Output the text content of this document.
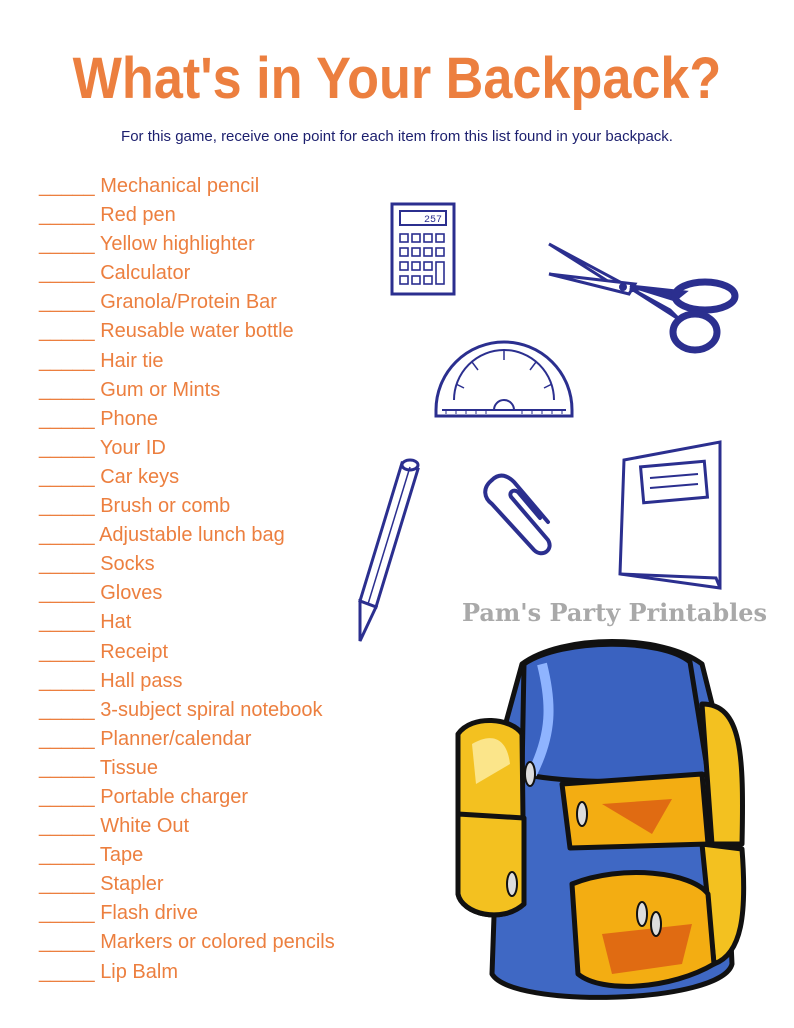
What's in Your Backpack?
For this game, receive one point for each item from this list found in your backpack.
_____ Mechanical pencil
_____ Red pen
_____ Yellow highlighter
_____ Calculator
_____ Granola/Protein Bar
_____ Reusable water bottle
_____ Hair tie
_____ Gum or Mints
_____ Phone
_____ Your ID
_____ Car keys
_____ Brush or comb
_____ Adjustable lunch bag
_____ Socks
_____ Gloves
_____ Hat
_____ Receipt
_____ Hall pass
_____ 3-subject spiral notebook
_____ Planner/calendar
_____ Tissue
_____ Portable charger
_____ White Out
_____ Tape
_____ Stapler
_____ Flash drive
_____ Markers or colored pencils
_____ Lip Balm
Pam's Party Printables
257
